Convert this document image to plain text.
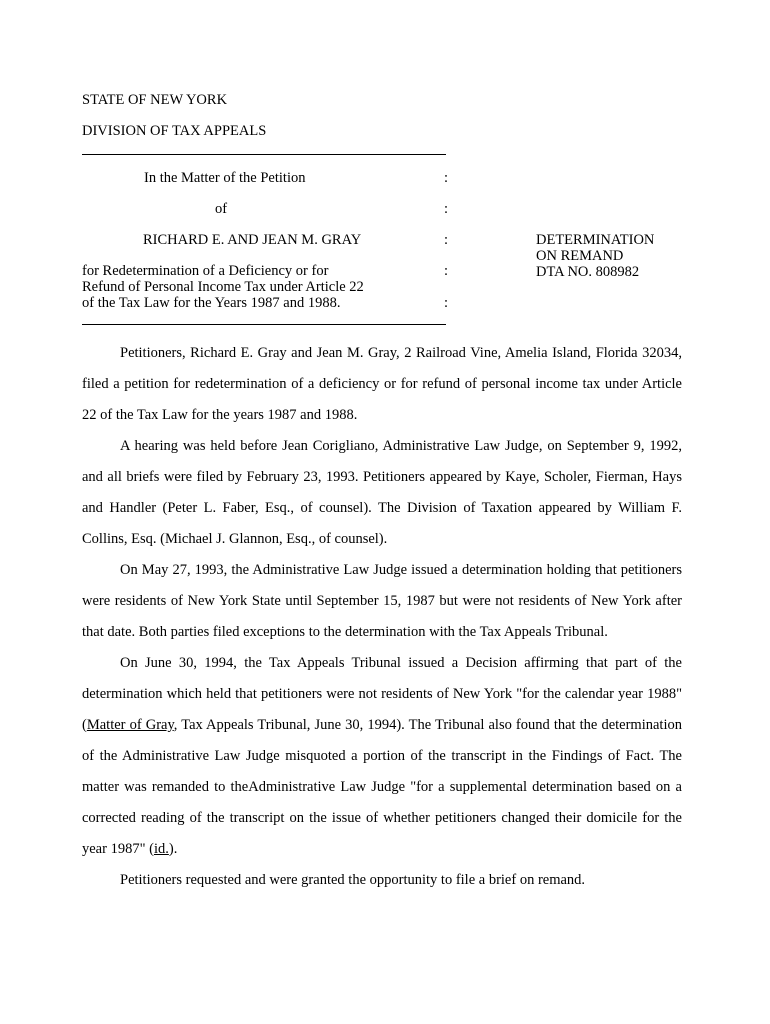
STATE OF NEW YORK
DIVISION OF TAX APPEALS
In the Matter of the Petition	:
of	:
RICHARD E. AND JEAN M. GRAY	:
for Redetermination of a Deficiency or for	:
Refund of Personal Income Tax under Article 22
of the Tax Law for the Years 1987 and 1988.	:
DETERMINATION
ON REMAND
DTA NO. 808982

Petitioners, Richard E. Gray and Jean M. Gray, 2 Railroad Vine, Amelia Island, Florida 32034, filed a petition for redetermination of a deficiency or for refund of personal income tax under Article 22 of the Tax Law for the years 1987 and 1988.

A hearing was held before Jean Corigliano, Administrative Law Judge, on September 9, 1992, and all briefs were filed by February 23, 1993. Petitioners appeared by Kaye, Scholer, Fierman, Hays and Handler (Peter L. Faber, Esq., of counsel). The Division of Taxation appeared by William F. Collins, Esq. (Michael J. Glannon, Esq., of counsel).

On May 27, 1993, the Administrative Law Judge issued a determination holding that petitioners were residents of New York State until September 15, 1987 but were not residents of New York after that date. Both parties filed exceptions to the determination with the Tax Appeals Tribunal.

On June 30, 1994, the Tax Appeals Tribunal issued a Decision affirming that part of the determination which held that petitioners were not residents of New York "for the calendar year 1988" (Matter of Gray, Tax Appeals Tribunal, June 30, 1994). The Tribunal also found that the determination of the Administrative Law Judge misquoted a portion of the transcript in the Findings of Fact. The matter was remanded to theAdministrative Law Judge "for a supplemental determination based on a corrected reading of the transcript on the issue of whether petitioners changed their domicile for the year 1987" (id.).

Petitioners requested and were granted the opportunity to file a brief on remand.
